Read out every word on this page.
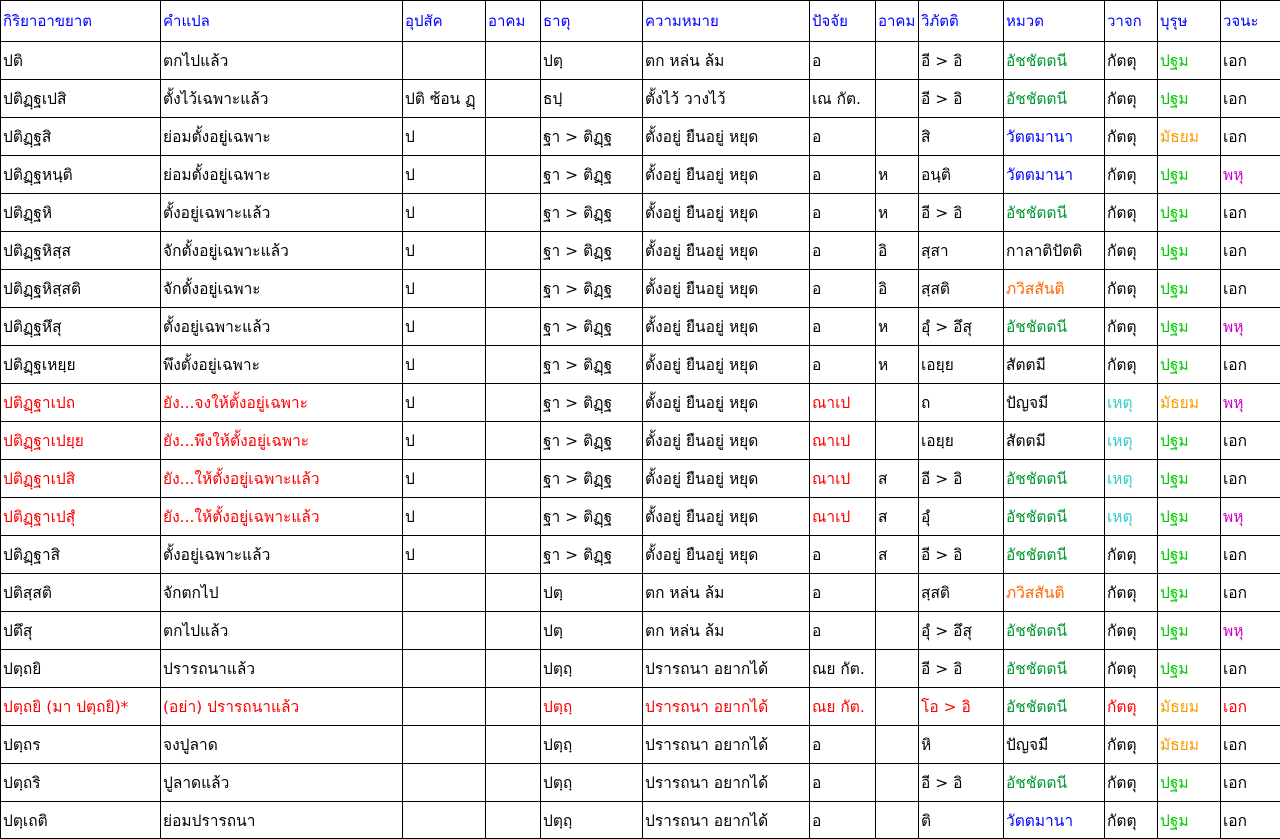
กิริยาอาขยาต	คำแปล	อุปสัค	อาคม	ธาตุ	ความหมาย	ปัจจัย	อาคม	วิภัตติ	หมวด	วาจก	บุรุษ	วจนะ
ปติ	ตกไปแล้ว			ปตฺ	ตก หล่น ล้ม	อ		อี > อิ	อัชชัตตนี	กัตตุ	ปฐม	เอก
ปติฏฺฐเปสิ	ตั้งไว้เฉพาะแล้ว	ปติ ซ้อน ฏฺ		ธปฺ	ตั้งไว้ วางไว้	เณ กัต.		อี > อิ	อัชชัตตนี	กัตตุ	ปฐม	เอก
ปติฏฺฐสิ	ย่อมตั้งอยู่เฉพาะ	ป		ฐา > ติฏฺฐ	ตั้งอยู่ ยืนอยู่ หยุด	อ		สิ	วัตตมานา	กัตตุ	มัธยม	เอก
ปติฏฺฐหนฺติ	ย่อมตั้งอยู่เฉพาะ	ป		ฐา > ติฏฺฐ	ตั้งอยู่ ยืนอยู่ หยุด	อ	ห	อนฺติ	วัตตมานา	กัตตุ	ปฐม	พหุ
ปติฏฺฐหิ	ตั้งอยู่เฉพาะแล้ว	ป		ฐา > ติฏฺฐ	ตั้งอยู่ ยืนอยู่ หยุด	อ	ห	อี > อิ	อัชชัตตนี	กัตตุ	ปฐม	เอก
ปติฏฺฐหิสฺส	จักตั้งอยู่เฉพาะแล้ว	ป		ฐา > ติฏฺฐ	ตั้งอยู่ ยืนอยู่ หยุด	อ	อิ	สฺสา	กาลาติปัตติ	กัตตุ	ปฐม	เอก
ปติฏฺฐหิสฺสติ	จักตั้งอยู่เฉพาะ	ป		ฐา > ติฏฺฐ	ตั้งอยู่ ยืนอยู่ หยุด	อ	อิ	สฺสติ	ภวิสสันติ	กัตตุ	ปฐม	เอก
ปติฏฺฐหึสุ	ตั้งอยู่เฉพาะแล้ว	ป		ฐา > ติฏฺฐ	ตั้งอยู่ ยืนอยู่ หยุด	อ	ห	อุํ > อึสุ	อัชชัตตนี	กัตตุ	ปฐม	พหุ
ปติฏฺฐเหยฺย	พึงตั้งอยู่เฉพาะ	ป		ฐา > ติฏฺฐ	ตั้งอยู่ ยืนอยู่ หยุด	อ	ห	เอยฺย	สัตตมี	กัตตุ	ปฐม	เอก
ปติฏฺฐาเปถ	ยัง...จงให้ตั้งอยู่เฉพาะ	ป		ฐา > ติฏฺฐ	ตั้งอยู่ ยืนอยู่ หยุด	ณาเป		ถ	ปัญจมี	เหตุ	มัธยม	พหุ
ปติฏฺฐาเปยฺย	ยัง...พึงให้ตั้งอยู่เฉพาะ	ป		ฐา > ติฏฺฐ	ตั้งอยู่ ยืนอยู่ หยุด	ณาเป		เอยฺย	สัตตมี	เหตุ	ปฐม	เอก
ปติฏฺฐาเปสิ	ยัง...ให้ตั้งอยู่เฉพาะแล้ว	ป		ฐา > ติฏฺฐ	ตั้งอยู่ ยืนอยู่ หยุด	ณาเป	ส	อี > อิ	อัชชัตตนี	เหตุ	ปฐม	เอก
ปติฏฺฐาเปสุํ	ยัง...ให้ตั้งอยู่เฉพาะแล้ว	ป		ฐา > ติฏฺฐ	ตั้งอยู่ ยืนอยู่ หยุด	ณาเป	ส	อุํ	อัชชัตตนี	เหตุ	ปฐม	พหุ
ปติฏฺฐาสิ	ตั้งอยู่เฉพาะแล้ว	ป		ฐา > ติฏฺฐ	ตั้งอยู่ ยืนอยู่ หยุด	อ	ส	อี > อิ	อัชชัตตนี	กัตตุ	ปฐม	เอก
ปติสฺสติ	จักตกไป			ปตฺ	ตก หล่น ล้ม	อ		สฺสติ	ภวิสสันติ	กัตตุ	ปฐม	เอก
ปตึสุ	ตกไปแล้ว			ปตฺ	ตก หล่น ล้ม	อ		อุํ > อึสุ	อัชชัตตนี	กัตตุ	ปฐม	พหุ
ปตฺถยิ	ปรารถนาแล้ว			ปตฺถฺ	ปรารถนา อยากได้	ณย กัต.		อี > อิ	อัชชัตตนี	กัตตุ	ปฐม	เอก
ปตฺถยิ (มา ปตฺถยิ)*	(อย่า) ปรารถนาแล้ว			ปตฺถฺ	ปรารถนา อยากได้	ณย กัต.		โอ > อิ	อัชชัตตนี	กัตตุ	มัธยม	เอก
ปตฺถร	จงปูลาด			ปตฺถฺ	ปรารถนา อยากได้	อ		หิ	ปัญจมี	กัตตุ	มัธยม	เอก
ปตฺถริ	ปูลาดแล้ว			ปตฺถฺ	ปรารถนา อยากได้	อ		อี > อิ	อัชชัตตนี	กัตตุ	ปฐม	เอก
ปตฺเถติ	ย่อมปรารถนา			ปตฺถฺ	ปรารถนา อยากได้	อ		ติ	วัตตมานา	กัตตุ	ปฐม	เอก
